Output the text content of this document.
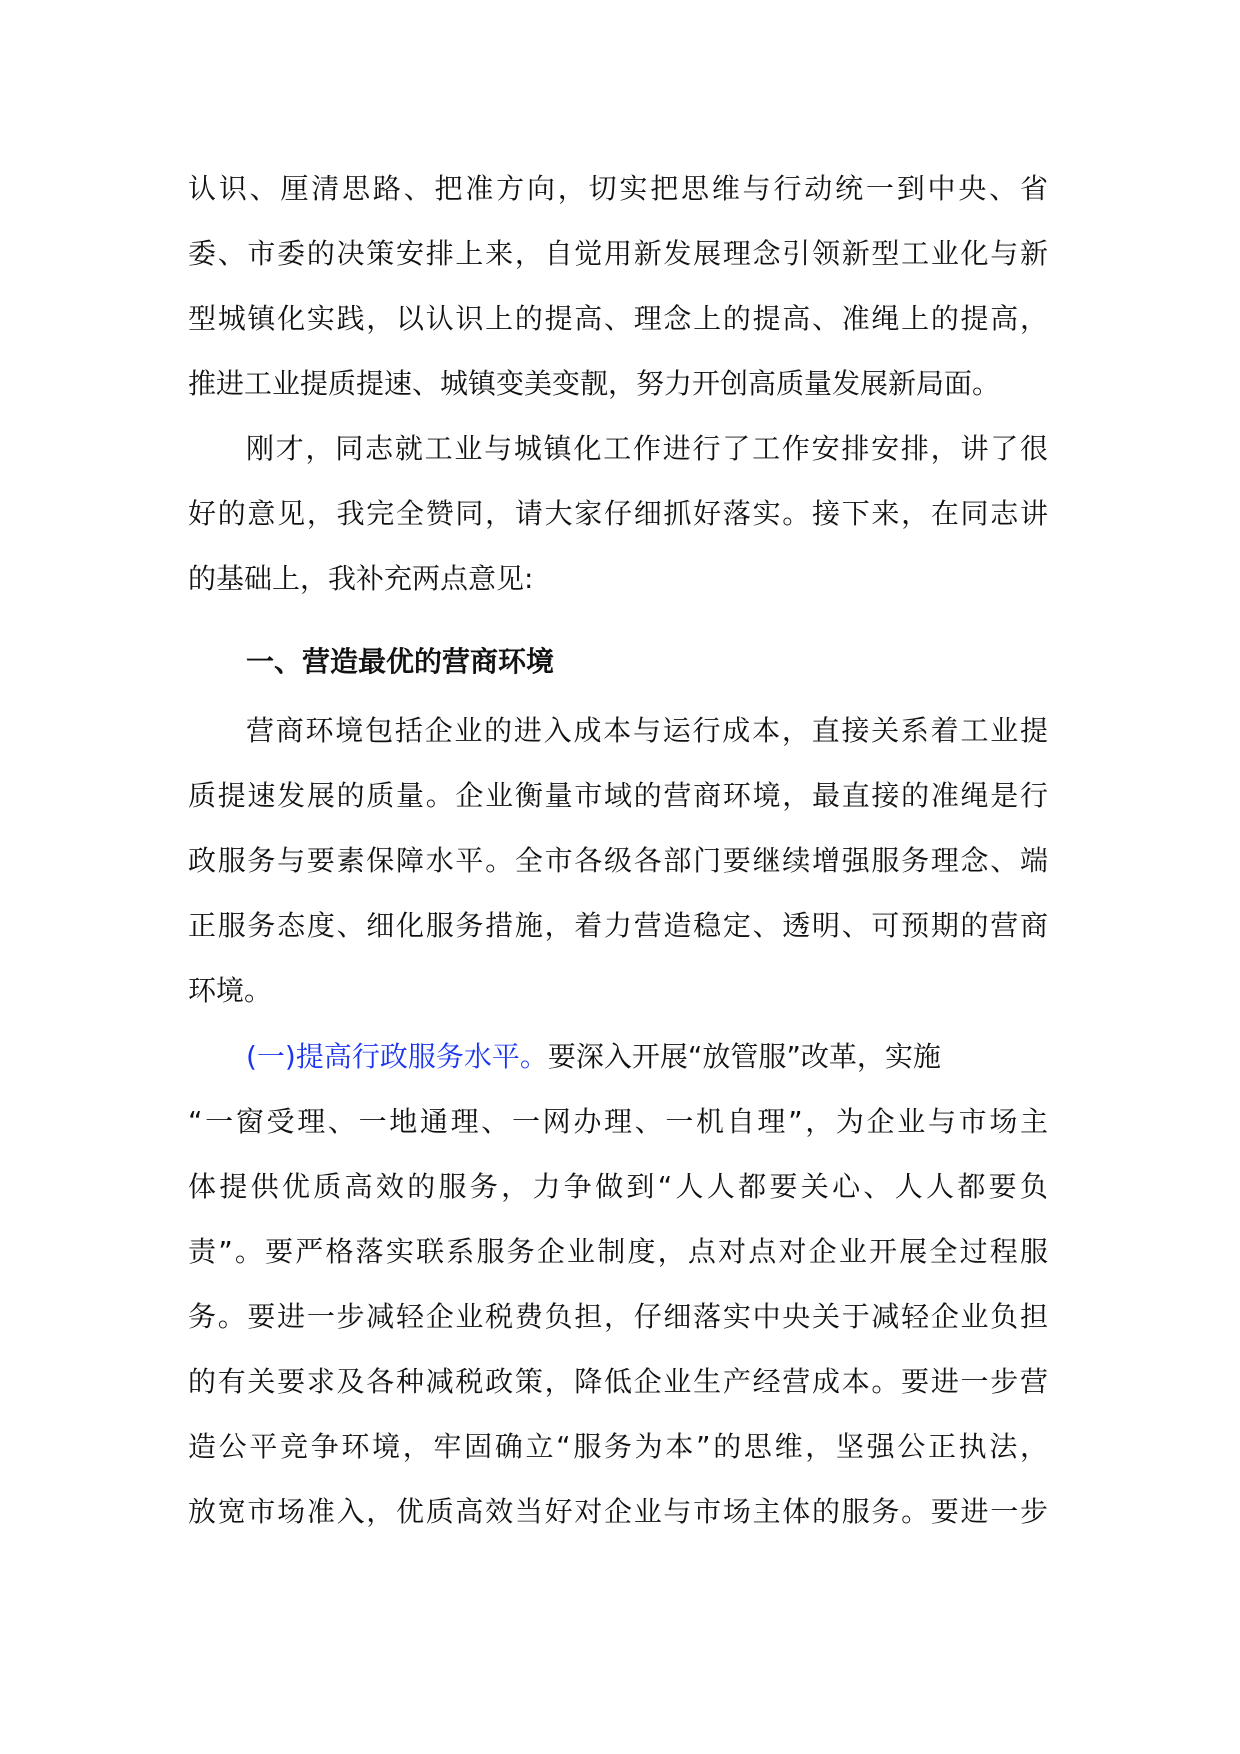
认识、厘清思路、把准方向，切实把思维与行动统一到中央、省

委、市委的决策安排上来，自觉用新发展理念引领新型工业化与新

型城镇化实践，以认识上的提高、理念上的提高、准绳上的提高，

推进工业提质提速、城镇变美变靓，努力开创高质量发展新局面。

刚才，同志就工业与城镇化工作进行了工作安排安排，讲了很

好的意见，我完全赞同，请大家仔细抓好落实。接下来，在同志讲

的基础上，我补充两点意见:

一、营造最优的营商环境

营商环境包括企业的进入成本与运行成本，直接关系着工业提

质提速发展的质量。企业衡量市域的营商环境，最直接的准绳是行

政服务与要素保障水平。全市各级各部门要继续增强服务理念、端

正服务态度、细化服务措施，着力营造稳定、透明、可预期的营商

环境。

(一)提高行政服务水平。要深入开展“放管服”改革，实施

“一窗受理、一地通理、一网办理、一机自理”，为企业与市场主

体提供优质高效的服务，力争做到“人人都要关心、人人都要负

责”。要严格落实联系服务企业制度，点对点对企业开展全过程服

务。要进一步减轻企业税费负担，仔细落实中央关于减轻企业负担

的有关要求及各种减税政策，降低企业生产经营成本。要进一步营

造公平竞争环境，牢固确立“服务为本”的思维，坚强公正执法，

放宽市场准入，优质高效当好对企业与市场主体的服务。要进一步
